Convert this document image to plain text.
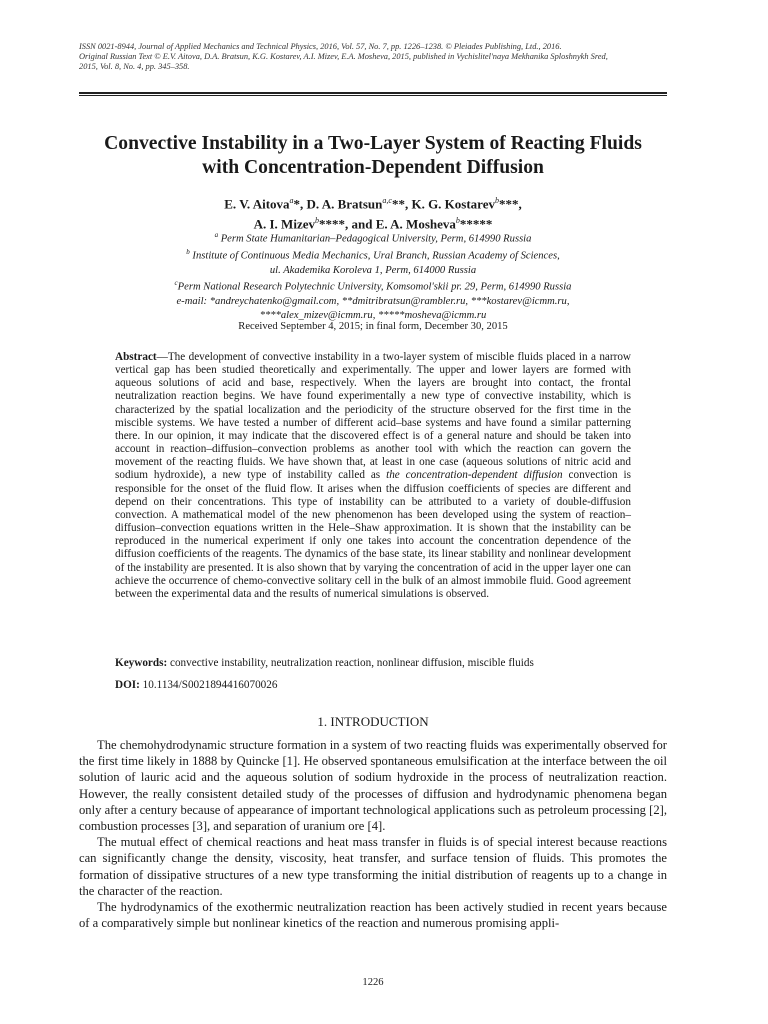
ISSN 0021-8944, Journal of Applied Mechanics and Technical Physics, 2016, Vol. 57, No. 7, pp. 1226–1238. © Pleiades Publishing, Ltd., 2016.
Original Russian Text © E.V. Aitova, D.A. Bratsun, K.G. Kostarev, A.I. Mizev, E.A. Mosheva, 2015, published in Vychislitel'naya Mekhanika Sploshnykh Sred,
2015, Vol. 8, No. 4, pp. 345–358.
Convective Instability in a Two-Layer System of Reacting Fluids
with Concentration-Dependent Diffusion
E. V. Aitova$^a$*, D. A. Bratsun$^{a,c}$**, K. G. Kostarev$^b$***,
A. I. Mizev$^b$****, and E. A. Mosheva$^b$*****
$^a$ Perm State Humanitarian–Pedagogical University, Perm, 614990 Russia
$^b$ Institute of Continuous Media Mechanics, Ural Branch, Russian Academy of Sciences,
ul. Akademika Koroleva 1, Perm, 614000 Russia
$^c$Perm National Research Polytechnic University, Komsomol'skii pr. 29, Perm, 614990 Russia
e-mail: *andreychatenko@gmail.com, **dmitribratsun@rambler.ru, ***kostarev@icmm.ru,
****alex_mizev@icmm.ru, *****mosheva@icmm.ru
Received September 4, 2015; in final form, December 30, 2015
Abstract—The development of convective instability in a two-layer system of miscible fluids placed in a narrow vertical gap has been studied theoretically and experimentally. The upper and lower layers are formed with aqueous solutions of acid and base, respectively. When the layers are brought into contact, the frontal neutralization reaction begins. We have found experimentally a new type of convective instability, which is characterized by the spatial localization and the periodicity of the structure observed for the first time in the miscible systems. We have tested a number of different acid–base systems and have found a similar patterning there. In our opinion, it may indicate that the discovered effect is of a general nature and should be taken into account in reaction–diffusion–convection problems as another tool with which the reaction can govern the movement of the reacting fluids. We have shown that, at least in one case (aqueous solutions of nitric acid and sodium hydroxide), a new type of instability called as the concentration-dependent diffusion convection is responsible for the onset of the fluid flow. It arises when the diffusion coefficients of species are different and depend on their concentrations. This type of instability can be attributed to a variety of double-diffusion convection. A mathematical model of the new phenomenon has been developed using the system of reaction–diffusion–convection equations written in the Hele–Shaw approximation. It is shown that the instability can be reproduced in the numerical experiment if only one takes into account the concentration dependence of the diffusion coefficients of the reagents. The dynamics of the base state, its linear stability and nonlinear development of the instability are presented. It is also shown that by varying the concentration of acid in the upper layer one can achieve the occurrence of chemo-convective solitary cell in the bulk of an almost immobile fluid. Good agreement between the experimental data and the results of numerical simulations is observed.
Keywords: convective instability, neutralization reaction, nonlinear diffusion, miscible fluids
DOI: 10.1134/S0021894416070026
1. INTRODUCTION

The chemohydrodynamic structure formation in a system of two reacting fluids was experimentally observed for the first time likely in 1888 by Quincke [1]. He observed spontaneous emulsification at the interface between the oil solution of lauric acid and the aqueous solution of sodium hydroxide in the process of neutralization reaction. However, the really consistent detailed study of the processes of diffusion and hydrodynamic phenomena began only after a century because of appearance of important technological applications such as petroleum processing [2], combustion processes [3], and separation of uranium ore [4].

The mutual effect of chemical reactions and heat mass transfer in fluids is of special interest because reactions can significantly change the density, viscosity, heat transfer, and surface tension of fluids. This promotes the formation of dissipative structures of a new type transforming the initial distribution of reagents up to a change in the character of the reaction.

The hydrodynamics of the exothermic neutralization reaction has been actively studied in recent years because of a comparatively simple but nonlinear kinetics of the reaction and numerous promising appli-

1226
